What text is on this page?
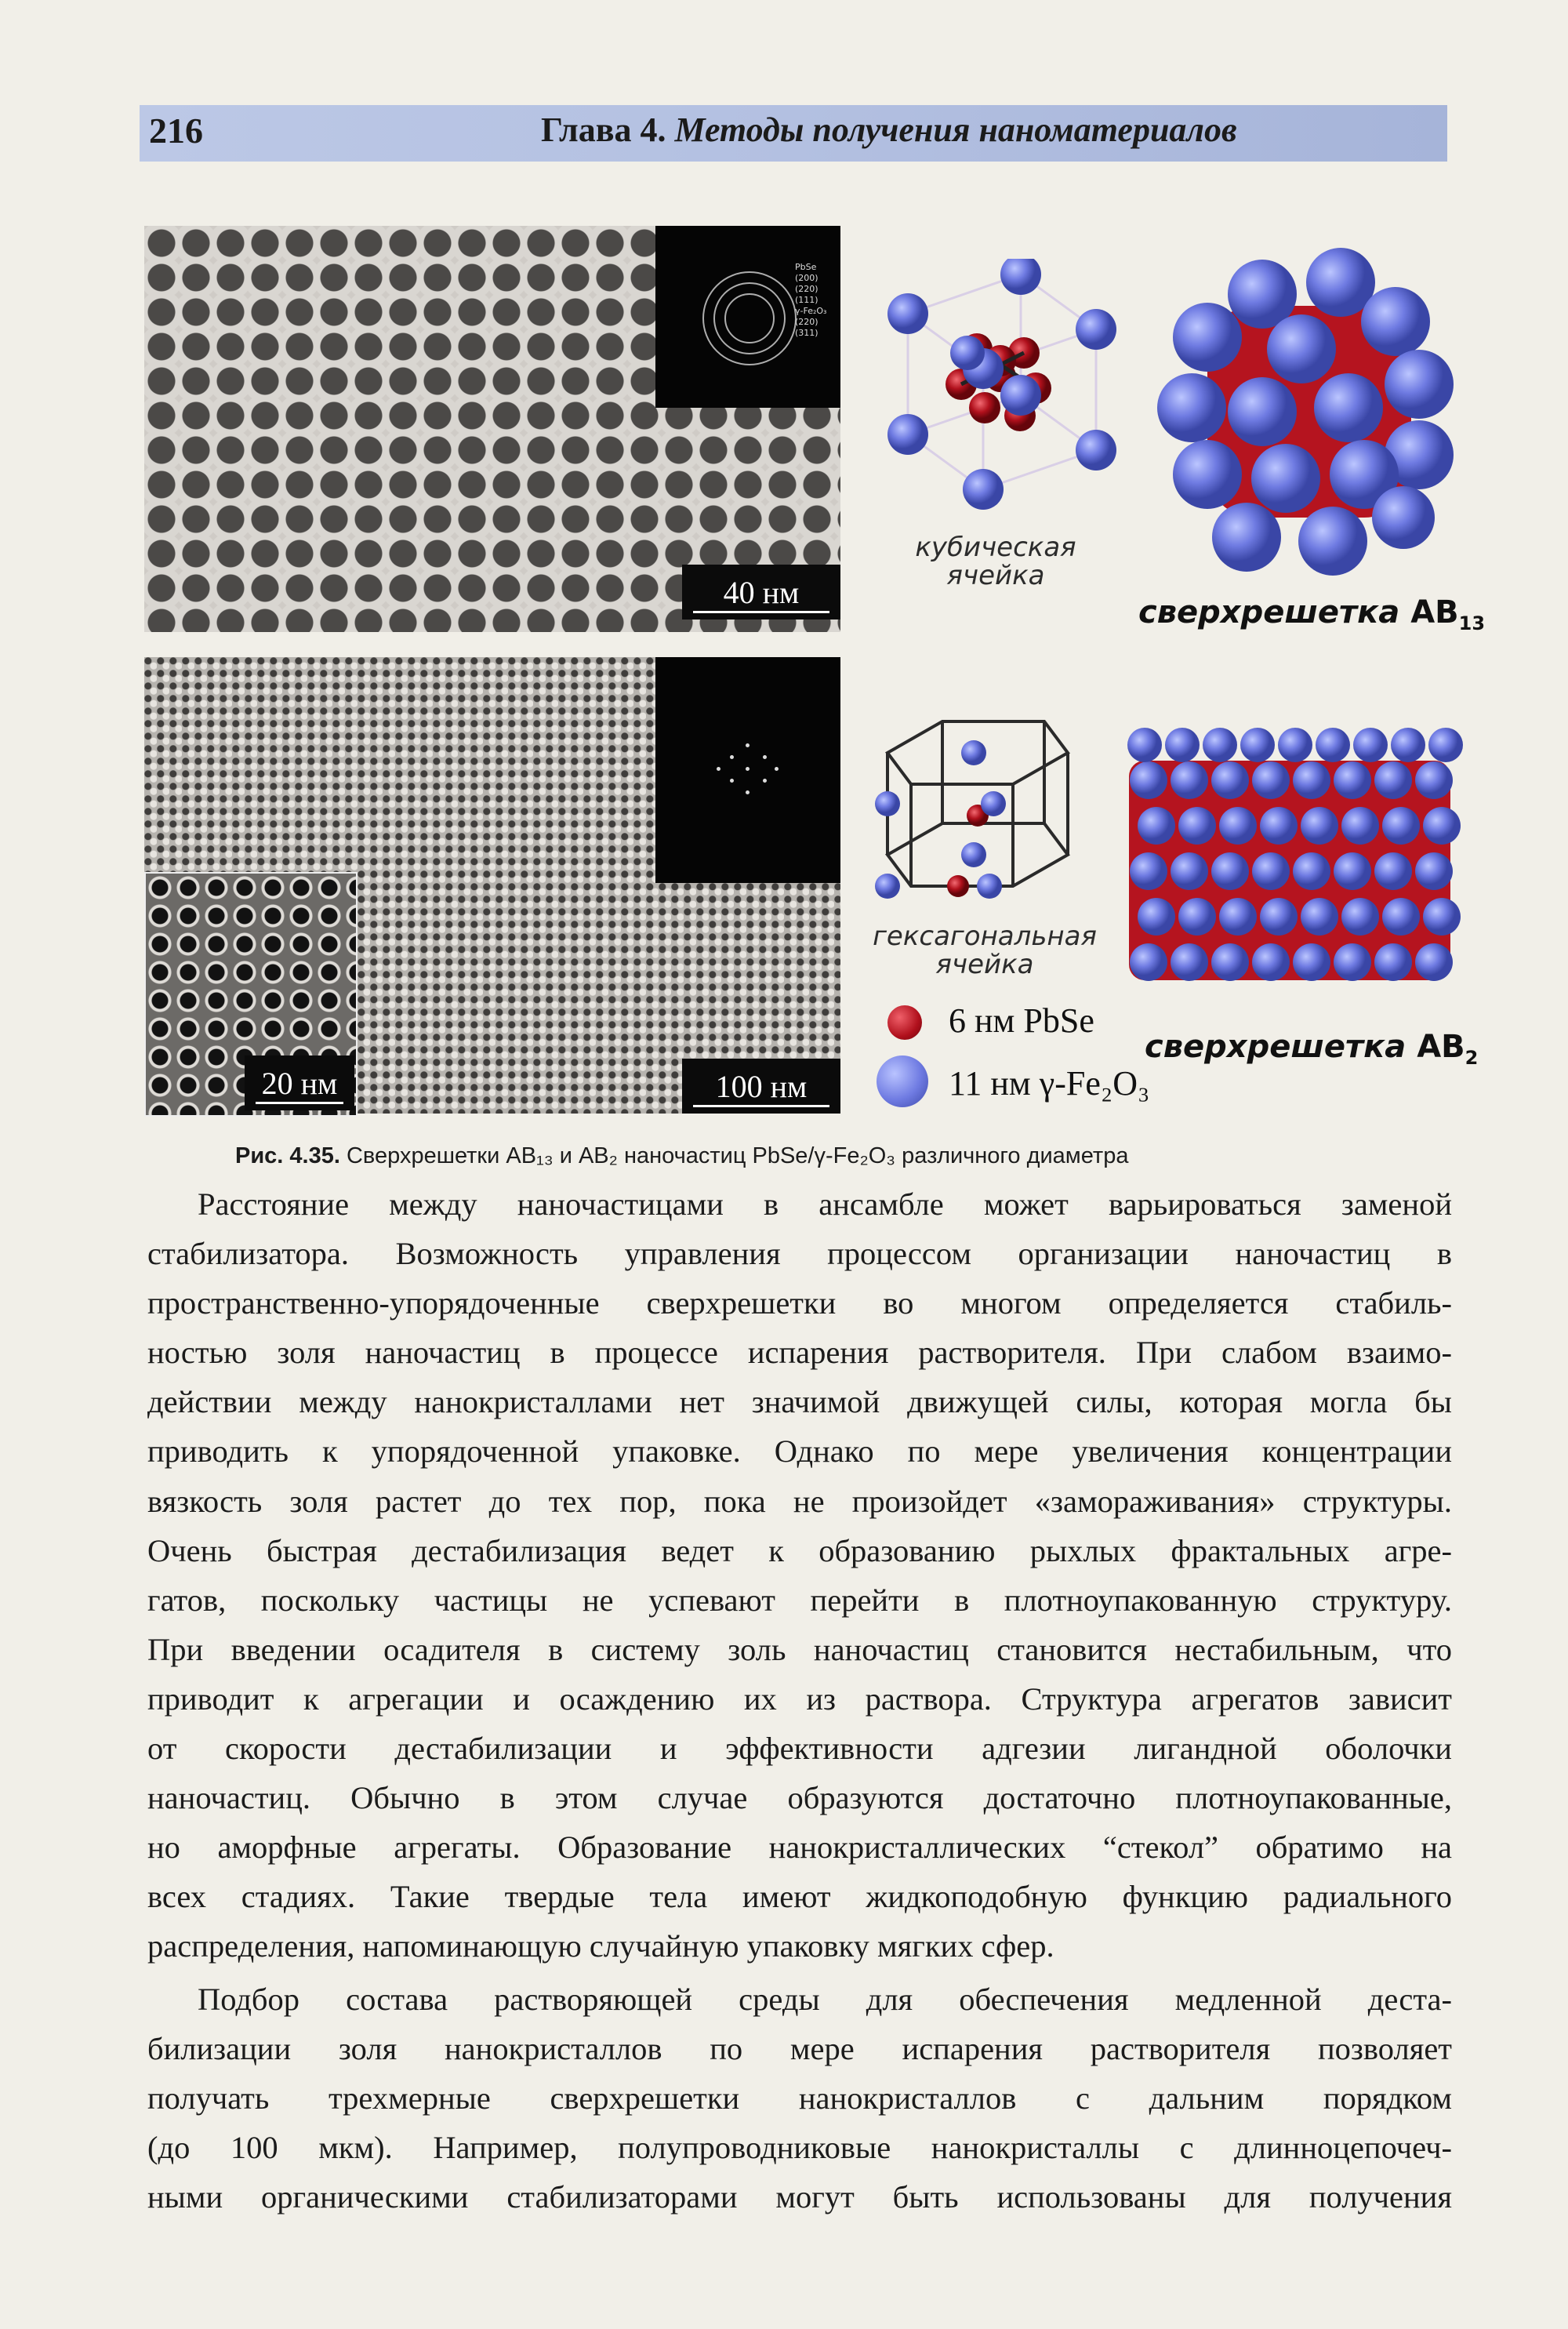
216	Глава 4. Методы получения наноматериалов
PbSe
(200)
(220)
(111)
γ-Fe₂O₃
(220)
(311)
40 нм
20 нм	100 нм
кубическая
ячейка
сверхрешетка $AB_{13}$
гексагональная
ячейка
сверхрешетка $AB_2$
6 нм PbSe
11 нм γ-Fe₂O₃
Рис. 4.35. Сверхрешетки AB₁₃ и AB₂ наночастиц PbSe/γ-Fe₂O₃ различного диаметра
Расстояние между наночастицами в ансамбле может варьироваться заменой
стабилизатора. Возможность управления процессом организации наночастиц в
пространственно-упорядоченные сверхрешетки во многом определяется стабиль-
ностью золя наночастиц в процессе испарения растворителя. При слабом взаимо-
действии между нанокристаллами нет значимой движущей силы, которая могла бы
приводить к упорядоченной упаковке. Однако по мере увеличения концентрации
вязкость золя растет до тех пор, пока не произойдет «замораживания» структуры.
Очень быстрая дестабилизация ведет к образованию рыхлых фрактальных агре-
гатов, поскольку частицы не успевают перейти в плотноупакованную структуру.
При введении осадителя в систему золь наночастиц становится нестабильным, что
приводит к агрегации и осаждению их из раствора. Структура агрегатов зависит
от скорости дестабилизации и эффективности адгезии лигандной оболочки
наночастиц. Обычно в этом случае образуются достаточно плотноупакованные,
но аморфные агрегаты. Образование нанокристаллических “стекол” обратимо на
всех стадиях. Такие твердые тела имеют жидкоподобную функцию радиального
распределения, напоминающую случайную упаковку мягких сфер.
Подбор состава растворяющей среды для обеспечения медленной деста-
билизации золя нанокристаллов по мере испарения растворителя позволяет
получать трехмерные сверхрешетки нанокристаллов с дальним порядком
(до 100 мкм). Например, полупроводниковые нанокристаллы с длинноцепочеч-
ными органическими стабилизаторами могут быть использованы для получения
